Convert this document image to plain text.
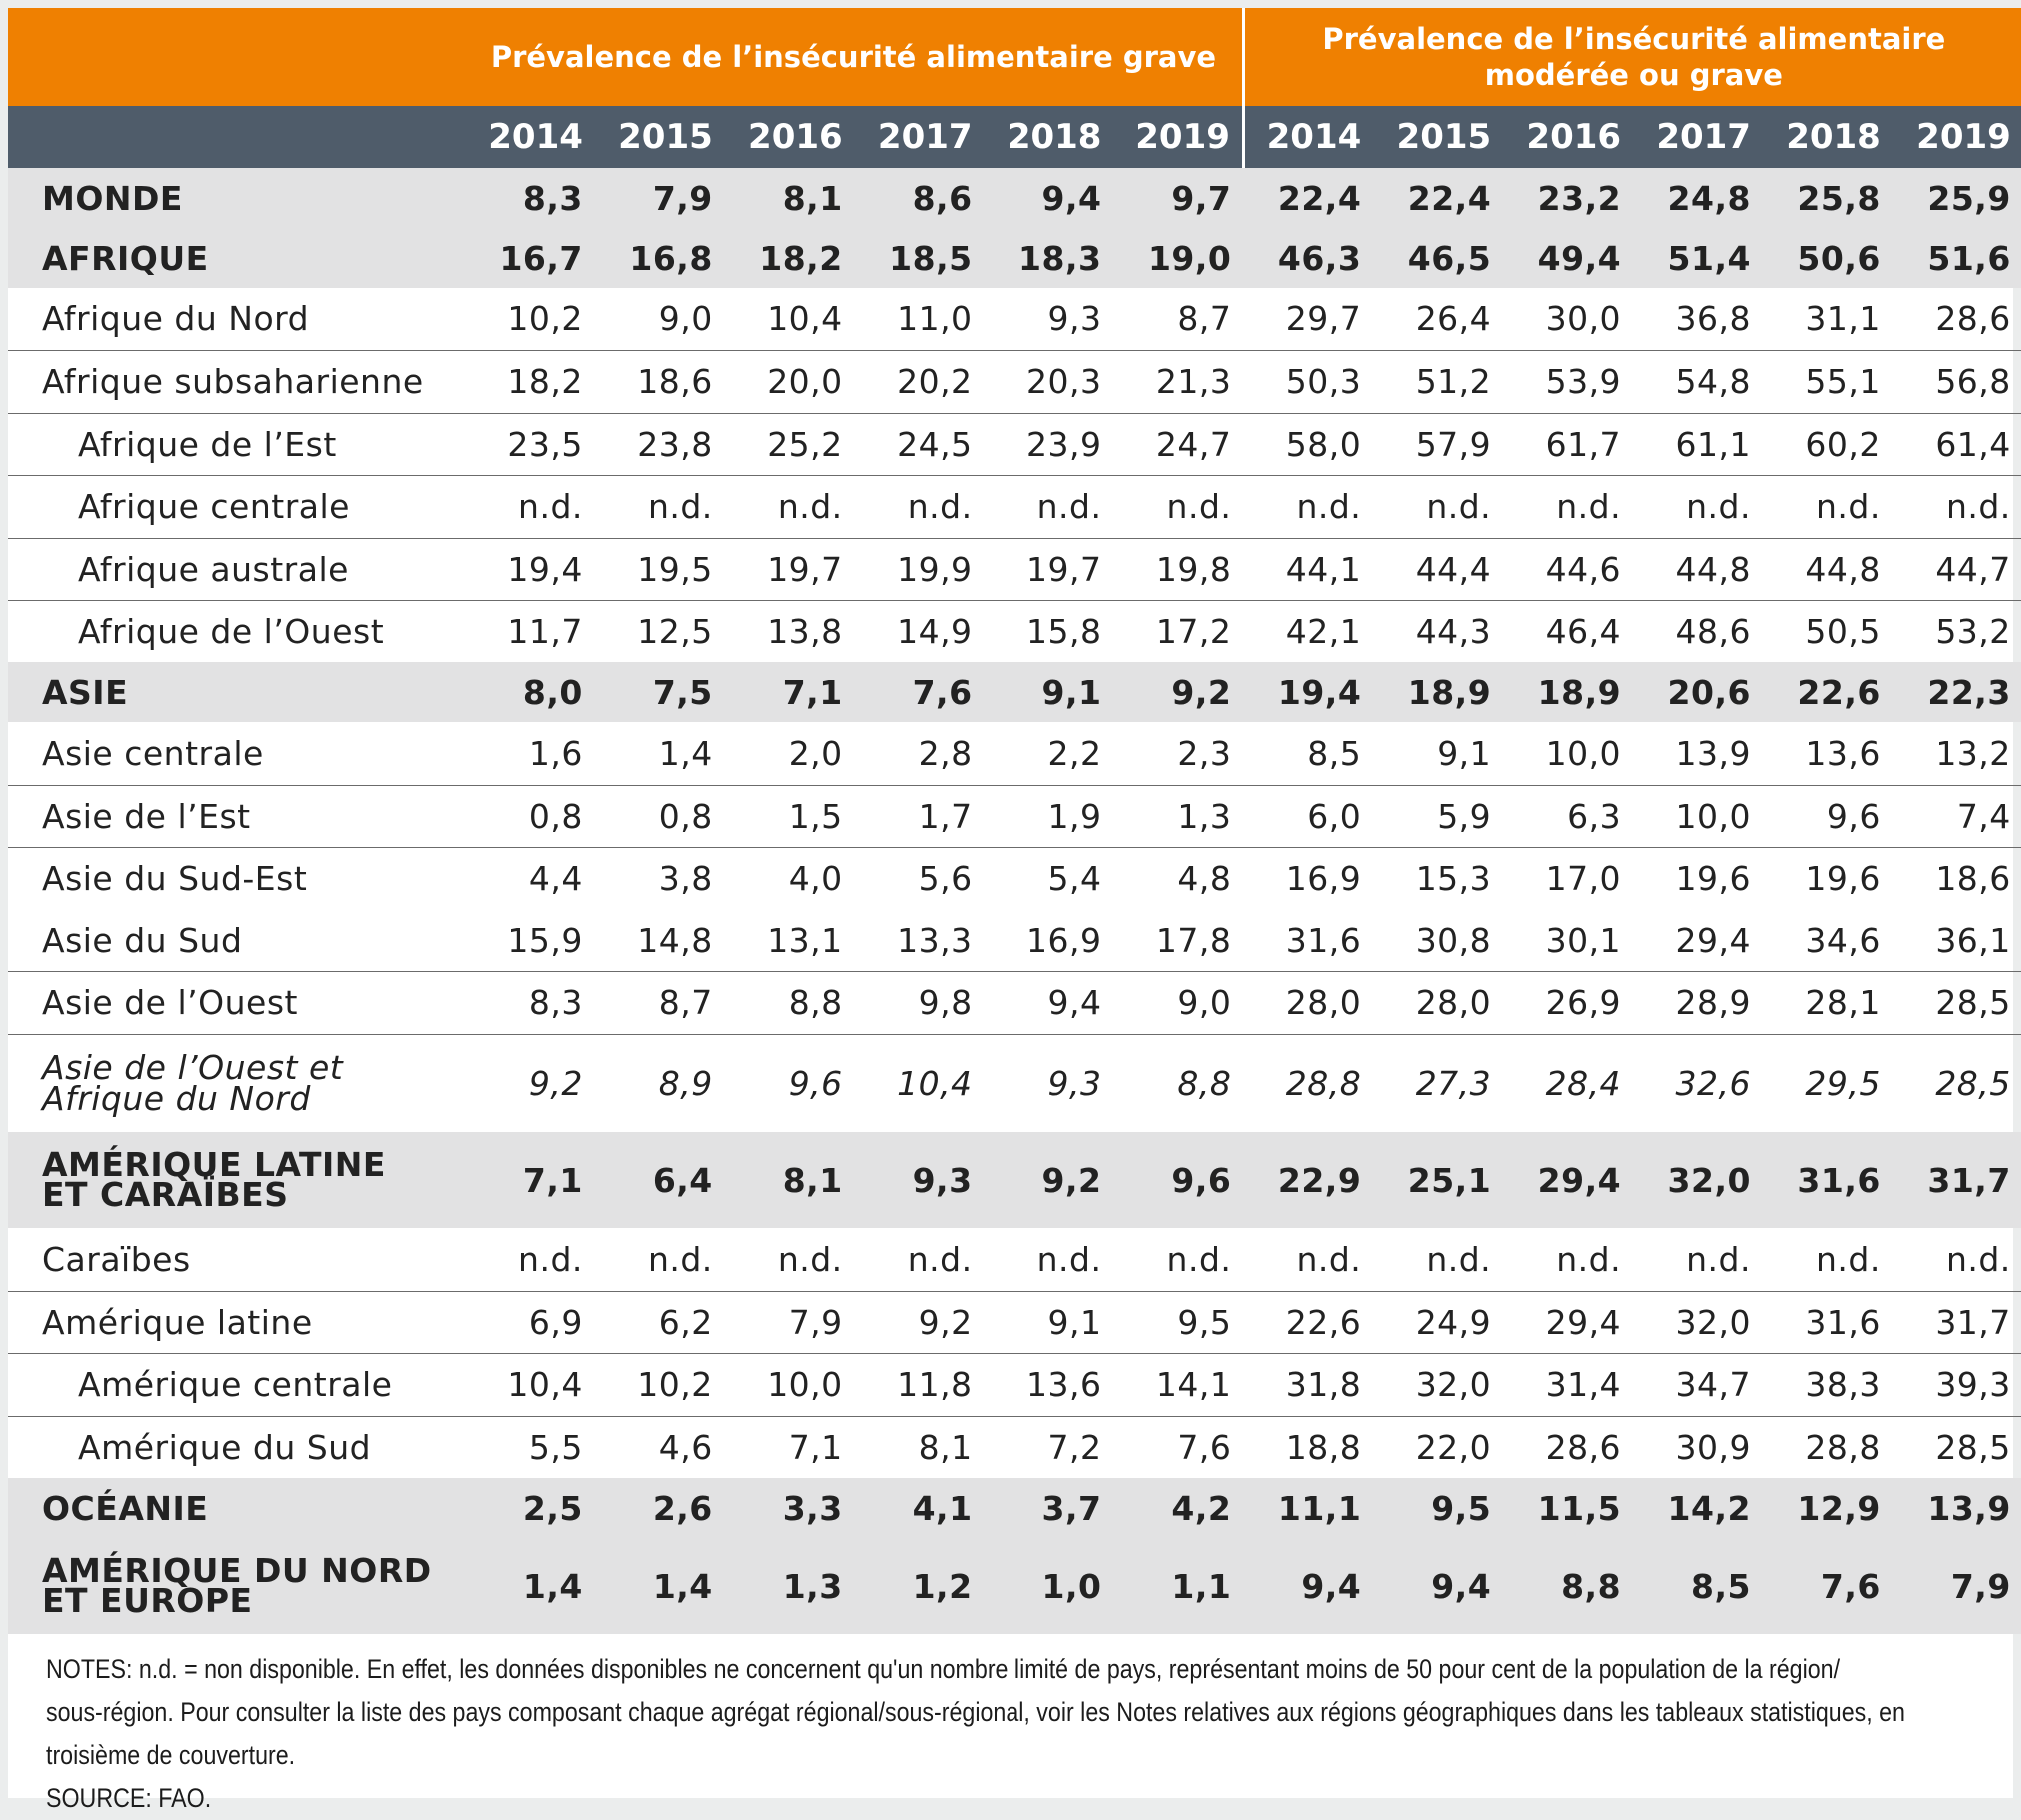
	Prévalence de l’insécurité alimentaire grave						Prévalence de l’insécurité alimentaire
modérée ou grave					

	2014	2015	2016	2017	2018	2019	2014	2015	2016	2017	2018	2019
MONDE	8,3	7,9	8,1	8,6	9,4	9,7	22,4	22,4	23,2	24,8	25,8	25,9
AFRIQUE	16,7	16,8	18,2	18,5	18,3	19,0	46,3	46,5	49,4	51,4	50,6	51,6
Afrique du Nord	10,2	9,0	10,4	11,0	9,3	8,7	29,7	26,4	30,0	36,8	31,1	28,6
Afrique subsaharienne	18,2	18,6	20,0	20,2	20,3	21,3	50,3	51,2	53,9	54,8	55,1	56,8
Afrique de l’Est	23,5	23,8	25,2	24,5	23,9	24,7	58,0	57,9	61,7	61,1	60,2	61,4
Afrique centrale	n.d.	n.d.	n.d.	n.d.	n.d.	n.d.	n.d.	n.d.	n.d.	n.d.	n.d.	n.d.
Afrique australe	19,4	19,5	19,7	19,9	19,7	19,8	44,1	44,4	44,6	44,8	44,8	44,7
Afrique de l’Ouest	11,7	12,5	13,8	14,9	15,8	17,2	42,1	44,3	46,4	48,6	50,5	53,2
ASIE	8,0	7,5	7,1	7,6	9,1	9,2	19,4	18,9	18,9	20,6	22,6	22,3
Asie centrale	1,6	1,4	2,0	2,8	2,2	2,3	8,5	9,1	10,0	13,9	13,6	13,2
Asie de l’Est	0,8	0,8	1,5	1,7	1,9	1,3	6,0	5,9	6,3	10,0	9,6	7,4
Asie du Sud-Est	4,4	3,8	4,0	5,6	5,4	4,8	16,9	15,3	17,0	19,6	19,6	18,6
Asie du Sud	15,9	14,8	13,1	13,3	16,9	17,8	31,6	30,8	30,1	29,4	34,6	36,1
Asie de l’Ouest	8,3	8,7	8,8	9,8	9,4	9,0	28,0	28,0	26,9	28,9	28,1	28,5

Asie de l’Ouest et
Afrique du Nord	9,2	8,9	9,6	10,4	9,3	8,8	28,8	27,3	28,4	32,6	29,5	28,5

AMÉRIQUE LATINE
ET CARAÏBES	7,1	6,4	8,1	9,3	9,2	9,6	22,9	25,1	29,4	32,0	31,6	31,7
Caraïbes	n.d.	n.d.	n.d.	n.d.	n.d.	n.d.	n.d.	n.d.	n.d.	n.d.	n.d.	n.d.
Amérique latine	6,9	6,2	7,9	9,2	9,1	9,5	22,6	24,9	29,4	32,0	31,6	31,7
Amérique centrale	10,4	10,2	10,0	11,8	13,6	14,1	31,8	32,0	31,4	34,7	38,3	39,3
Amérique du Sud	5,5	4,6	7,1	8,1	7,2	7,6	18,8	22,0	28,6	30,9	28,8	28,5
OCÉANIE	2,5	2,6	3,3	4,1	3,7	4,2	11,1	9,5	11,5	14,2	12,9	13,9

AMÉRIQUE DU NORD
ET EUROPE	1,4	1,4	1,3	1,2	1,0	1,1	9,4	9,4	8,8	8,5	7,6	7,9
NOTES: n.d. = non disponible. En effet, les données disponibles ne concernent qu'un nombre limité de pays, représentant moins de 50 pour cent de la population de la région/
sous-région. Pour consulter la liste des pays composant chaque agrégat régional/sous-régional, voir les Notes relatives aux régions géographiques dans les tableaux statistiques, en
troisième de couverture.
SOURCE: FAO.
